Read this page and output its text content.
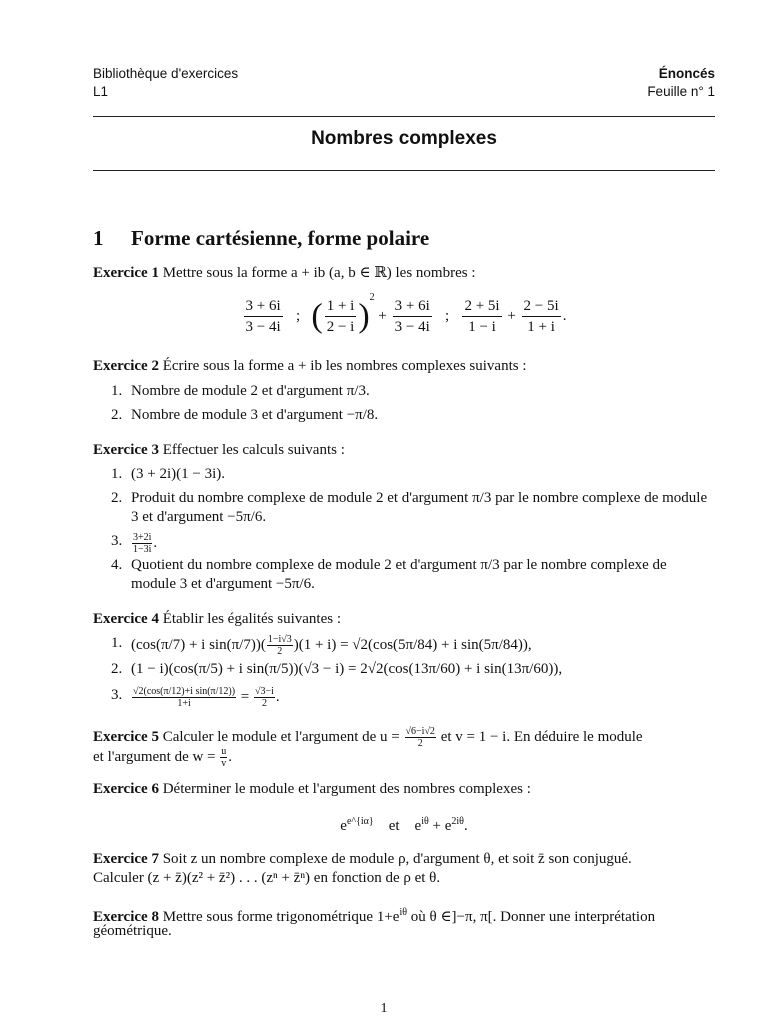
Bibliothèque d'exercices
L1
Énoncés
Feuille n° 1
Nombres complexes
1 Forme cartésienne, forme polaire
Exercice 1 Mettre sous la forme a + ib (a, b ∈ ℝ) les nombres :
$\frac{3 + 6i}{3 - 4i}$ ; ( $\frac{1 + i}{2 - i} )^2 + \frac{3 + 6i}{3 - 4i}$ ; $\frac{2 + 5i}{1 - i} + \frac{2 - 5i}{1 + i}$ .
Exercice 2 Écrire sous la forme a + ib les nombres complexes suivants :
1. Nombre de module 2 et d'argument π/3.
2. Nombre de module 3 et d'argument −π/8.
Exercice 3 Effectuer les calculs suivants :
1. (3 + 2i)(1 − 3i).
2. Produit du nombre complexe de module 2 et d'argument π/3 par le nombre complexe de module 3 et d'argument −5π/6.
3. $\frac{3+2i}{1-3i}$ .
4. Quotient du nombre complexe de module 2 et d'argument π/3 par le nombre complexe de module 3 et d'argument −5π/6.
Exercice 4 Établir les égalités suivantes :
1. (cos(π/7) + i $\sin(\pi/7))( \frac{1-i√3}{2} )(1 + i) = √2(\cos(5\pi/84) + i$ sin(5π/84)),
2. (1 − i)(cos(π/5) + i sin(π/5))(√3 − i) = 2√2(cos(13π/60) + i sin(13π/60)),
3. $\frac{\text{√2(cos(π/12)+i sin(π/12))}}{1+i} = \frac{√3-i}{2}$ .
Exercice 5 Calculer le module et l'argument de $u = \frac{√6-i√2}{2}$ et v = 1 − i. En déduire le module
et l'argument de $w = \frac{u}{v}$ .
Exercice 6 Déterminer le module et l'argument des nombres complexes :
$e^{e\^{}\{i\alpha\}}$ et $e^{i\theta} + e^{2i\theta}$.
Exercice 7 Soit z un nombre complexe de module ρ, d'argument θ, et soit z̄ son conjugué.
Calculer (z + z̄)(z² + z̄²) . . . (zⁿ + z̄ⁿ) en fonction de ρ et θ.
Exercice 8 Mettre sous forme trigonométrique $1+e^{i\theta}$ où θ ∈]−π, π[. Donner une interprétation
géométrique.
1
